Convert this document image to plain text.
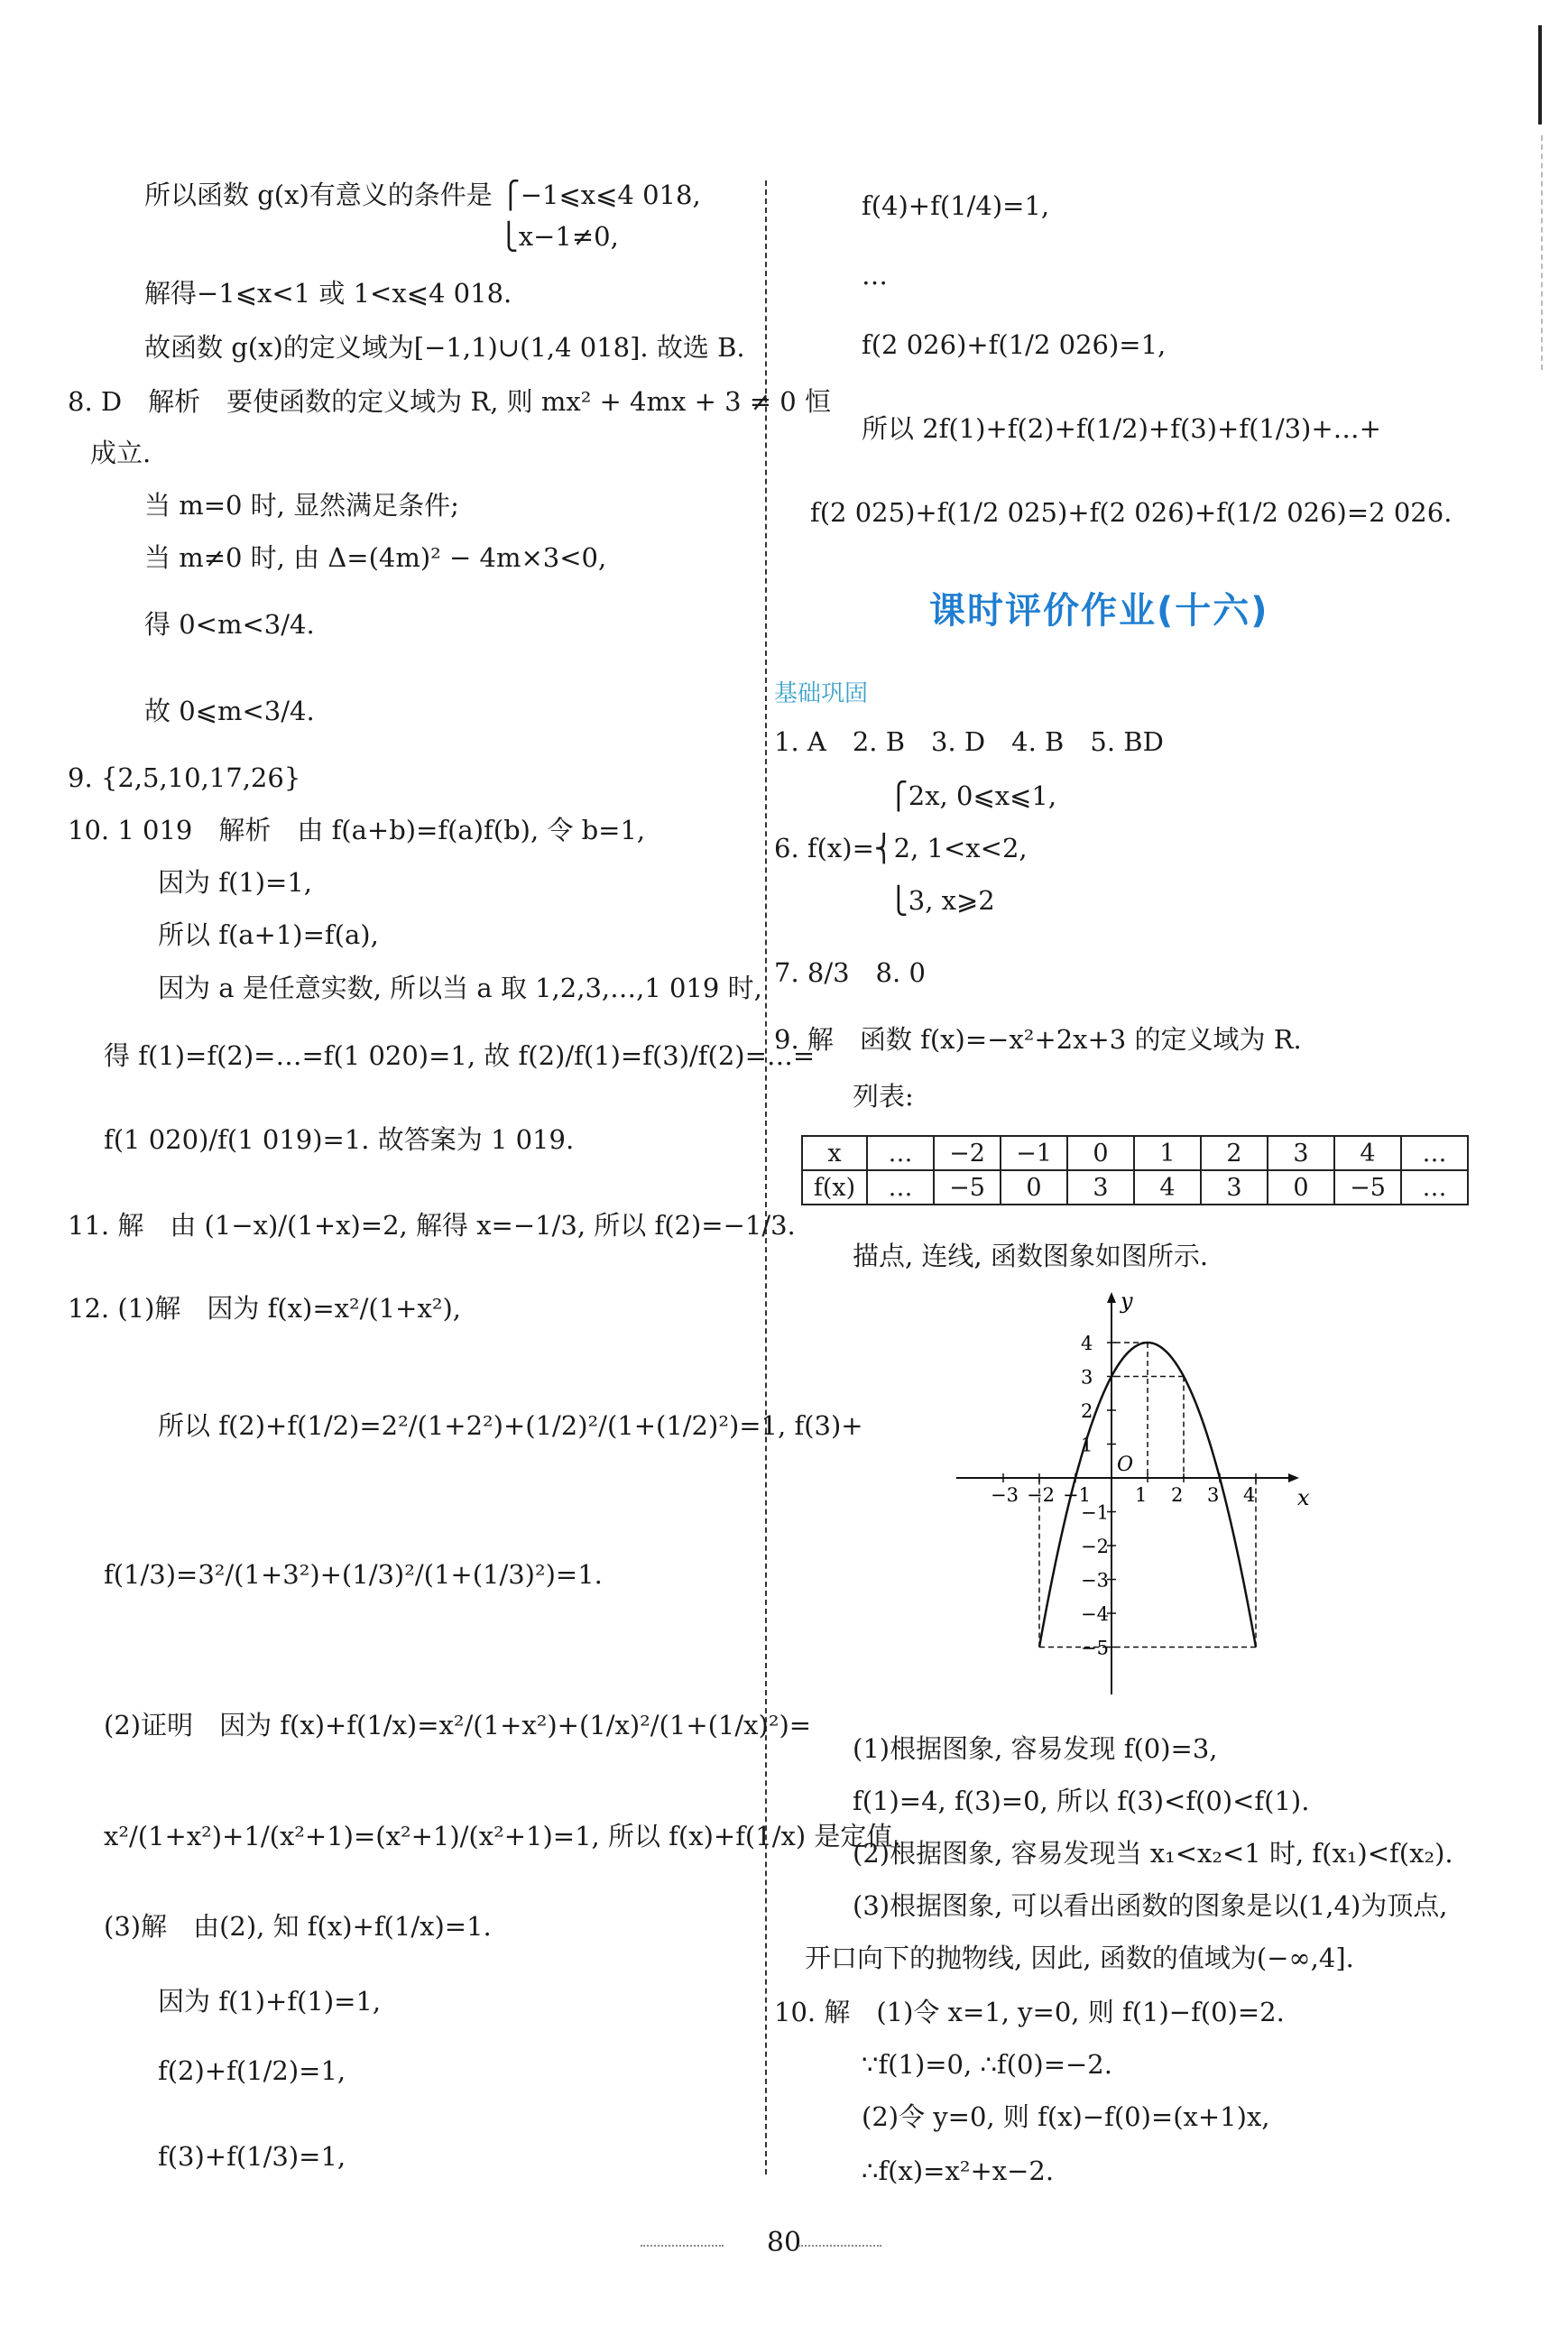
所以函数 g(x)有意义的条件是 ⎧−1⩽x⩽4 018,
⎩x−1≠0,
解得−1⩽x<1 或 1<x⩽4 018.
故函数 g(x)的定义域为[−1,1)∪(1,4 018]. 故选 B.
8. D　解析　要使函数的定义域为 R, 则 mx² + 4mx + 3 ≠ 0 恒
成立.
当 m=0 时, 显然满足条件;
当 m≠0 时, 由 Δ=(4m)² − 4m×3<0,
得 0<m<3/4.
故 0⩽m<3/4.
9. {2,5,10,17,26}
10. 1 019　解析　由 f(a+b)=f(a)f(b), 令 b=1,
因为 f(1)=1,
所以 f(a+1)=f(a),
因为 a 是任意实数, 所以当 a 取 1,2,3,…,1 019 时,
得 f(1)=f(2)=…=f(1 020)=1, 故 f(2)/f(1)=f(3)/f(2)=…=
f(1 020)/f(1 019)=1. 故答案为 1 019.
11. 解　由 (1−x)/(1+x)=2, 解得 x=−1/3, 所以 f(2)=−1/3.
12. (1)解　因为 f(x)=x²/(1+x²),
所以 f(2)+f(1/2)=2²/(1+2²)+(1/2)²/(1+(1/2)²)=1, f(3)+
f(1/3)=3²/(1+3²)+(1/3)²/(1+(1/3)²)=1.
(2)证明　因为 f(x)+f(1/x)=x²/(1+x²)+(1/x)²/(1+(1/x)²)=
x²/(1+x²)+1/(x²+1)=(x²+1)/(x²+1)=1, 所以 f(x)+f(1/x) 是定值.
(3)解　由(2), 知 f(x)+f(1/x)=1.
因为 f(1)+f(1)=1,
f(2)+f(1/2)=1,
f(3)+f(1/3)=1,
f(4)+f(1/4)=1,
…
f(2 026)+f(1/2 026)=1,
所以 2f(1)+f(2)+f(1/2)+f(3)+f(1/3)+…+
f(2 025)+f(1/2 025)+f(2 026)+f(1/2 026)=2 026.
课时评价作业(十六)
基础巩固
1. A　2. B　3. D　4. B　5. BD
⎧2x, 0⩽x⩽1,
6. f(x)=⎨2, 1<x<2,
⎩3, x⩾2
7. 8/3　8. 0
9. 解　函数 f(x)=−x²+2x+3 的定义域为 R.
列表:
x	…	−2	−1	0	1	2	3	4	…
f(x)	…	−5	0	3	4	3	0	−5	…
描点, 连线, 函数图象如图所示.
x
y
O
−3 −2 −1 1 2 3 4
4
3
2
1
−1
−2
−3
−4
−5
(1)根据图象, 容易发现 f(0)=3,
f(1)=4, f(3)=0, 所以 f(3)<f(0)<f(1).
(2)根据图象, 容易发现当 x₁<x₂<1 时, f(x₁)<f(x₂).
(3)根据图象, 可以看出函数的图象是以(1,4)为顶点,
开口向下的抛物线, 因此, 函数的值域为(−∞,4].
10. 解　(1)令 x=1, y=0, 则 f(1)−f(0)=2.
∵f(1)=0, ∴f(0)=−2.
(2)令 y=0, 则 f(x)−f(0)=(x+1)x,
∴f(x)=x²+x−2.
80
